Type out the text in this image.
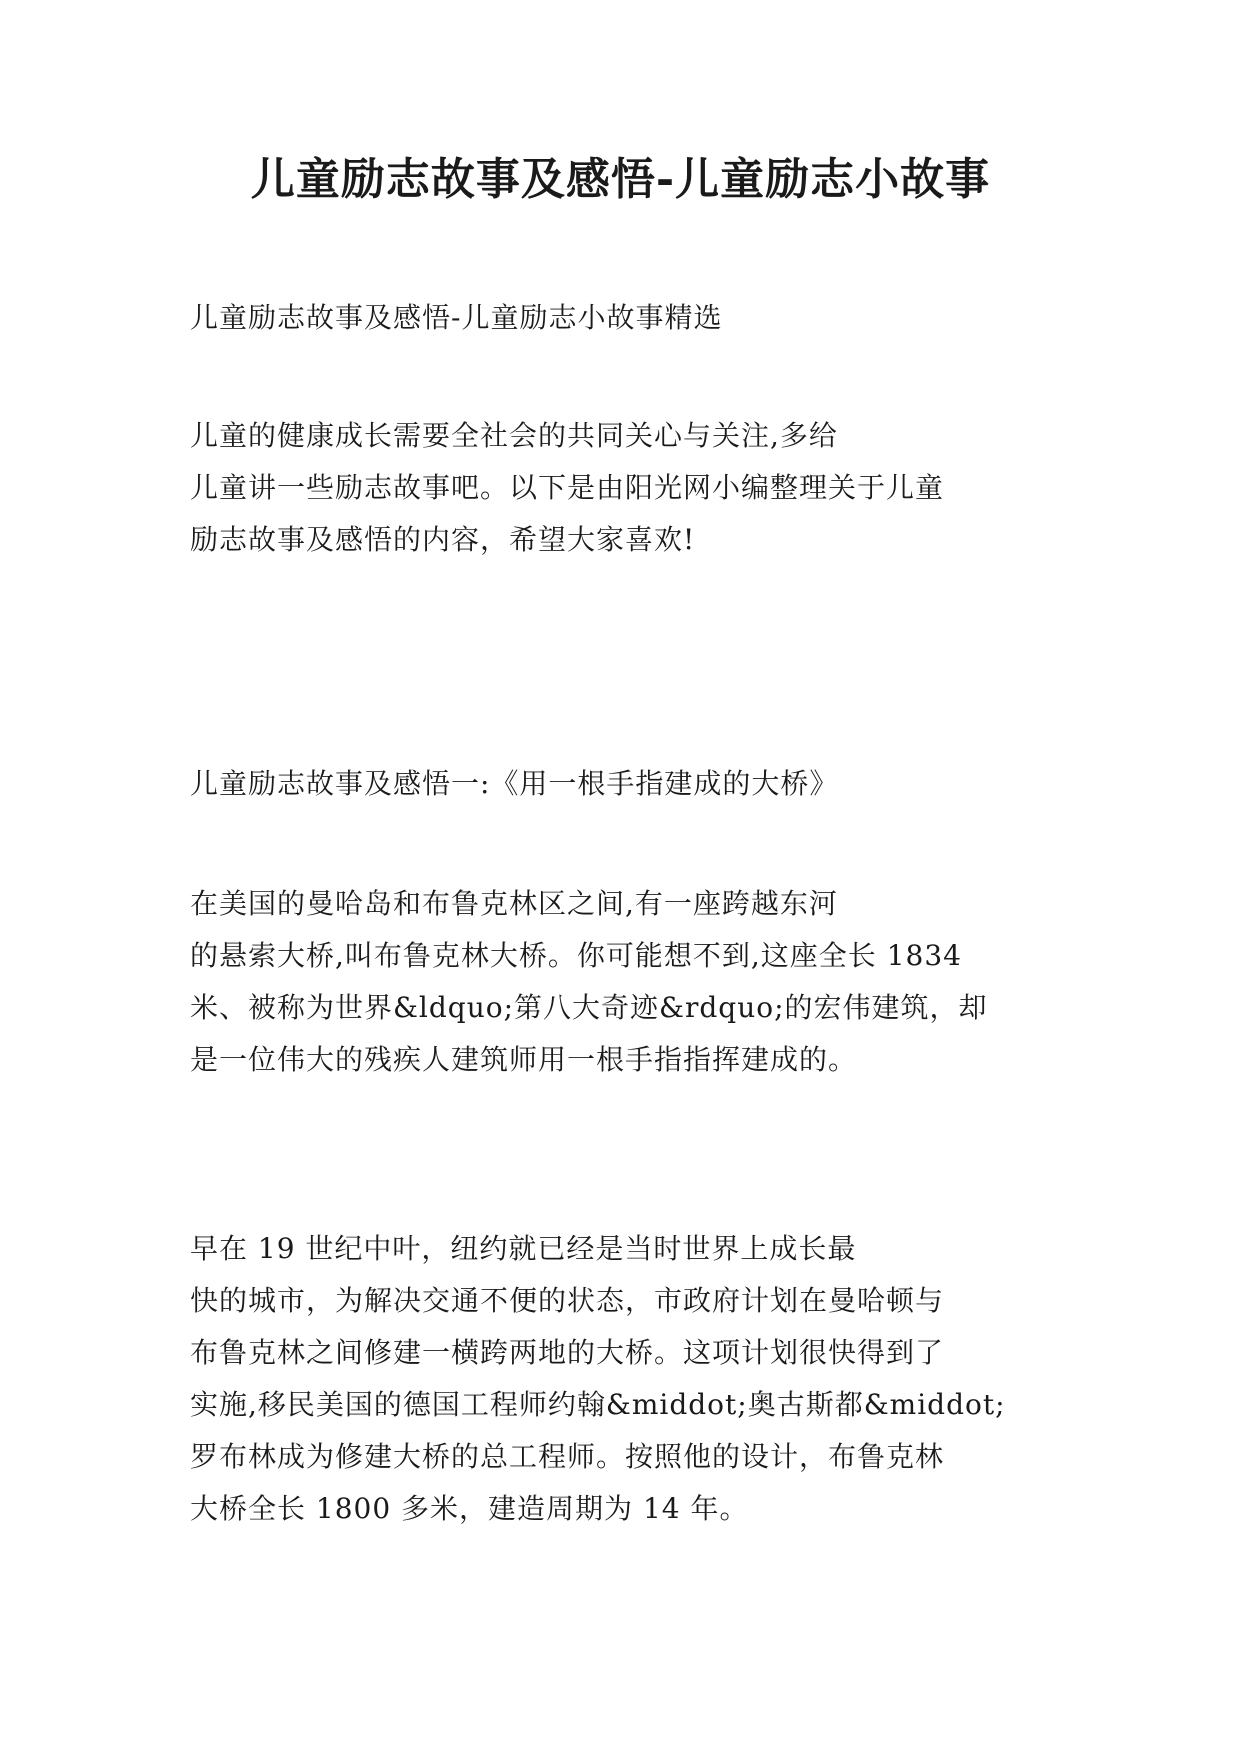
儿童励志故事及感悟-儿童励志小故事

儿童励志故事及感悟-儿童励志小故事精选

儿童的健康成长需要全社会的共同关心与关注,多给
儿童讲一些励志故事吧。以下是由阳光网小编整理关于儿童
励志故事及感悟的内容，希望大家喜欢!

儿童励志故事及感悟一:《用一根手指建成的大桥》

在美国的曼哈岛和布鲁克林区之间,有一座跨越东河
的悬索大桥,叫布鲁克林大桥。你可能想不到,这座全长 1834
米、被称为世界&ldquo;第八大奇迹&rdquo;的宏伟建筑，却
是一位伟大的残疾人建筑师用一根手指指挥建成的。

早在 19 世纪中叶，纽约就已经是当时世界上成长最
快的城市，为解决交通不便的状态，市政府计划在曼哈顿与
布鲁克林之间修建一横跨两地的大桥。这项计划很快得到了
实施,移民美国的德国工程师约翰&middot;奥古斯都&middot;
罗布林成为修建大桥的总工程师。按照他的设计，布鲁克林
大桥全长 1800 多米，建造周期为 14 年。
